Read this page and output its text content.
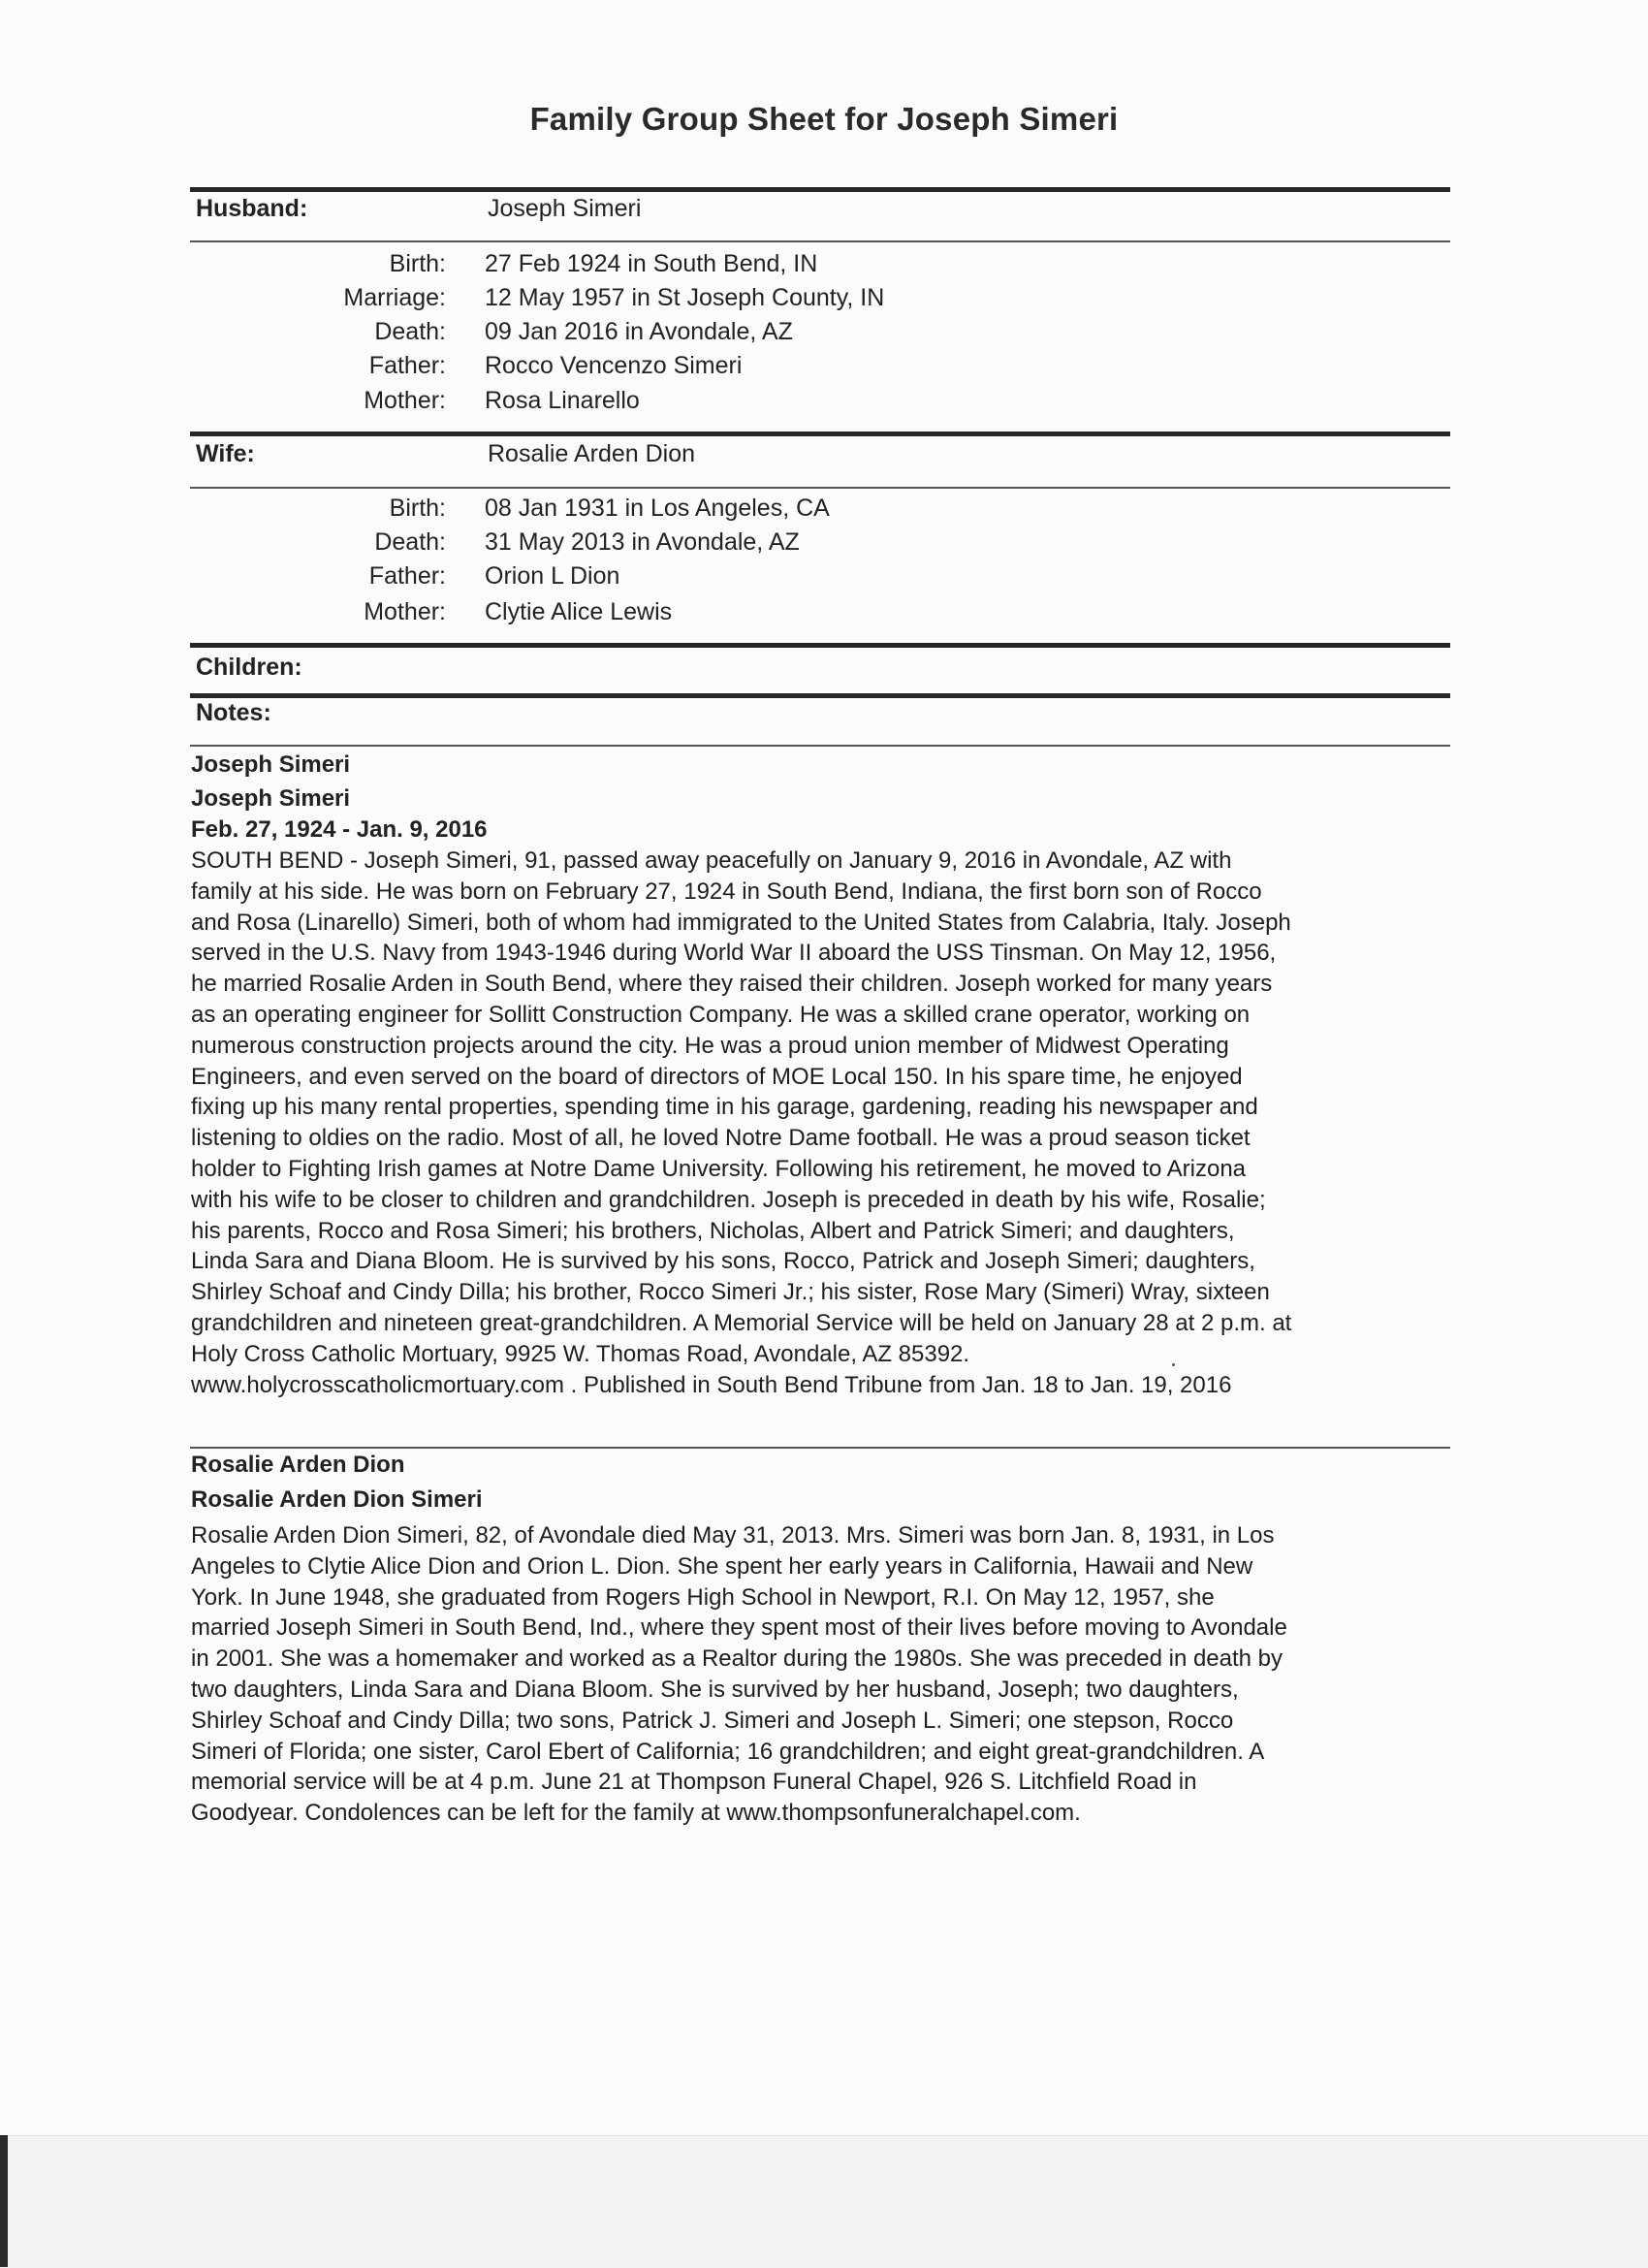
Family Group Sheet for Joseph Simeri
Husband:	Joseph Simeri
Birth: 27 Feb 1924 in South Bend, IN
Marriage: 12 May 1957 in St Joseph County, IN
Death: 09 Jan 2016 in Avondale, AZ
Father: Rocco Vencenzo Simeri
Mother: Rosa Linarello
Wife:	Rosalie Arden Dion
Birth: 08 Jan 1931 in Los Angeles, CA
Death: 31 May 2013 in Avondale, AZ
Father: Orion L Dion
Mother: Clytie Alice Lewis
Children:
Notes:
Joseph Simeri
Joseph Simeri
Feb. 27, 1924 - Jan. 9, 2016
SOUTH BEND - Joseph Simeri, 91, passed away peacefully on January 9, 2016 in Avondale, AZ with
family at his side. He was born on February 27, 1924 in South Bend, Indiana, the first born son of Rocco
and Rosa (Linarello) Simeri, both of whom had immigrated to the United States from Calabria, Italy. Joseph
served in the U.S. Navy from 1943-1946 during World War II aboard the USS Tinsman. On May 12, 1956,
he married Rosalie Arden in South Bend, where they raised their children. Joseph worked for many years
as an operating engineer for Sollitt Construction Company. He was a skilled crane operator, working on
numerous construction projects around the city. He was a proud union member of Midwest Operating
Engineers, and even served on the board of directors of MOE Local 150. In his spare time, he enjoyed
fixing up his many rental properties, spending time in his garage, gardening, reading his newspaper and
listening to oldies on the radio. Most of all, he loved Notre Dame football. He was a proud season ticket
holder to Fighting Irish games at Notre Dame University. Following his retirement, he moved to Arizona
with his wife to be closer to children and grandchildren. Joseph is preceded in death by his wife, Rosalie;
his parents, Rocco and Rosa Simeri; his brothers, Nicholas, Albert and Patrick Simeri; and daughters,
Linda Sara and Diana Bloom. He is survived by his sons, Rocco, Patrick and Joseph Simeri; daughters,
Shirley Schoaf and Cindy Dilla; his brother, Rocco Simeri Jr.; his sister, Rose Mary (Simeri) Wray, sixteen
grandchildren and nineteen great-grandchildren. A Memorial Service will be held on January 28 at 2 p.m. at
Holy Cross Catholic Mortuary, 9925 W. Thomas Road, Avondale, AZ 85392.
www.holycrosscatholicmortuary.com . Published in South Bend Tribune from Jan. 18 to Jan. 19, 2016
Rosalie Arden Dion
Rosalie Arden Dion Simeri
Rosalie Arden Dion Simeri, 82, of Avondale died May 31, 2013. Mrs. Simeri was born Jan. 8, 1931, in Los
Angeles to Clytie Alice Dion and Orion L. Dion. She spent her early years in California, Hawaii and New
York. In June 1948, she graduated from Rogers High School in Newport, R.I. On May 12, 1957, she
married Joseph Simeri in South Bend, Ind., where they spent most of their lives before moving to Avondale
in 2001. She was a homemaker and worked as a Realtor during the 1980s. She was preceded in death by
two daughters, Linda Sara and Diana Bloom. She is survived by her husband, Joseph; two daughters,
Shirley Schoaf and Cindy Dilla; two sons, Patrick J. Simeri and Joseph L. Simeri; one stepson, Rocco
Simeri of Florida; one sister, Carol Ebert of California; 16 grandchildren; and eight great-grandchildren. A
memorial service will be at 4 p.m. June 21 at Thompson Funeral Chapel, 926 S. Litchfield Road in
Goodyear. Condolences can be left for the family at www.thompsonfuneralchapel.com.
